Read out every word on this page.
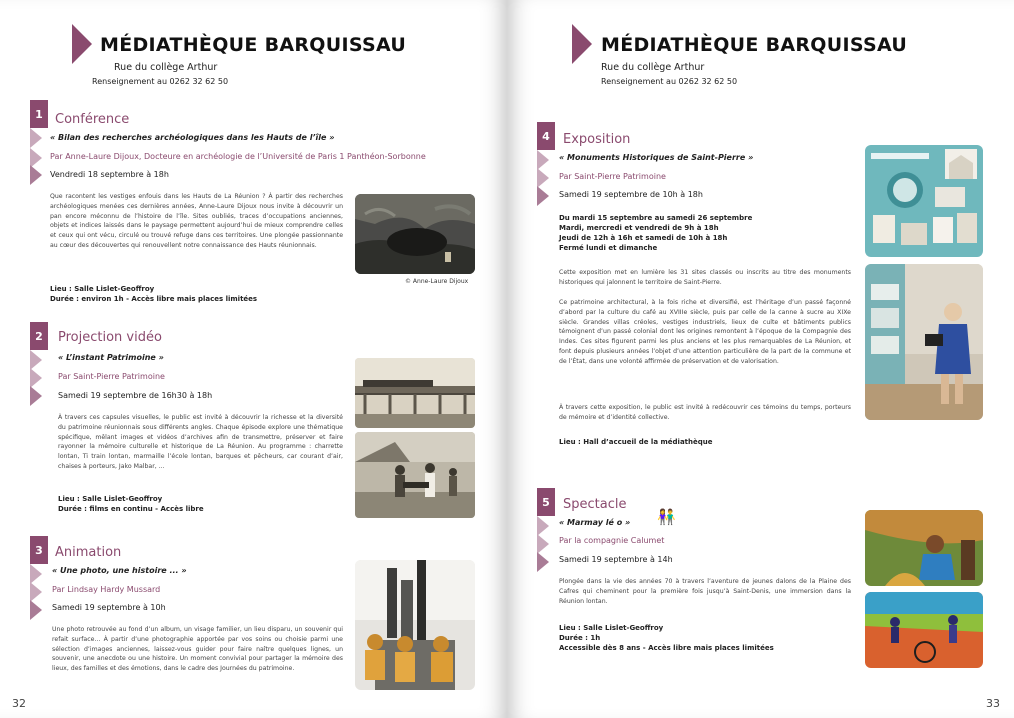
MÉDIATHÈQUE BARQUISSAU
Rue du collège Arthur
Renseignement au 0262 32 62 50
1 Conférence
« Bilan des recherches archéologiques dans les Hauts de l’île »
Par Anne-Laure Dijoux, Docteure en archéologie de l’Université de Paris 1 Panthéon-Sorbonne
Vendredi 18 septembre à 18h
Que racontent les vestiges enfouis dans les Hauts de La Réunion ? À partir des recherches archéologiques menées ces dernières années, Anne-Laure Dijoux nous invite à découvrir un pan encore méconnu de l’histoire de l’île. Sites oubliés, traces d’occupations anciennes, objets et indices laissés dans le paysage permettent aujourd’hui de mieux comprendre celles et ceux qui ont vécu, circulé ou trouvé refuge dans ces territoires. Une plongée passionnante au cœur des découvertes qui renouvellent notre connaissance des Hauts réunionnais.
© Anne-Laure Dijoux
Lieu : Salle Lislet-Geoffroy
Durée : environ 1h - Accès libre mais places limitées
2	Projection vidéo
« L’instant Patrimoine »
Par Saint-Pierre Patrimoine
Samedi 19 septembre de 16h30 à 18h
À travers ces capsules visuelles, le public est invité à découvrir la richesse et la diversité du patrimoine réunionnais sous différents angles. Chaque épisode explore une thématique spécifique, mêlant images et vidéos d’archives afin de transmettre, préserver et faire rayonner la mémoire culturelle et historique de La Réunion. Au programme : charrette lontan, Ti train lontan, marmaille l’école lontan, barques et pêcheurs, car courant d’air, chaises à porteurs, Jako Malbar, ...
Lieu : Salle Lislet-Geoffroy
Durée : films en continu - Accès libre
3 Animation
« Une photo, une histoire ... »
Par Lindsay Hardy Mussard
Samedi 19 septembre à 10h
Une photo retrouvée au fond d’un album, un visage familier, un lieu disparu, un souvenir qui refait surface... À partir d’une photographie apportée par vos soins ou choisie parmi une sélection d’images anciennes, laissez-vous guider pour faire naître quelques lignes, un souvenir, une anecdote ou une histoire. Un moment convivial pour partager la mémoire des lieux, des familles et des émotions, dans le cadre des Journées du patrimoine.
32
MÉDIATHÈQUE BARQUISSAU
Rue du collège Arthur
Renseignement au 0262 32 62 50
4	Exposition
« Monuments Historiques de Saint-Pierre »
Par Saint-Pierre Patrimoine
Samedi 19 septembre de 10h à 18h
Du mardi 15 septembre au samedi 26 septembre
Mardi, mercredi et vendredi de 9h à 18h
Jeudi de 12h à 16h et samedi de 10h à 18h
Fermé lundi et dimanche
Cette exposition met en lumière les 31 sites classés ou inscrits au titre des monuments historiques qui jalonnent le territoire de Saint-Pierre.
Ce patrimoine architectural, à la fois riche et diversifié, est l’héritage d’un passé façonné d’abord par la culture du café au XVIIIe siècle, puis par celle de la canne à sucre au XIXe siècle. Grandes villas créoles, vestiges industriels, lieux de culte et bâtiments publics témoignent d’un passé colonial dont les origines remontent à l’époque de la Compagnie des Indes. Ces sites figurent parmi les plus anciens et les plus remarquables de La Réunion, et font depuis plusieurs années l’objet d’une attention particulière de la part de la commune et de l’État, dans une volonté affirmée de préservation et de valorisation.
À travers cette exposition, le public est invité à redécouvrir ces témoins du temps, porteurs de mémoire et d’identité collective.
Lieu : Hall d’accueil de la médiathèque
5	Spectacle
« Marmay lé o » 👫
Par la compagnie Calumet
Samedi 19 septembre à 14h
Plongée dans la vie des années 70 à travers l’aventure de jeunes dalons de la Plaine des Cafres qui cheminent pour la première fois jusqu’à Saint-Denis, une immersion dans la Réunion lontan.
Lieu : Salle Lislet-Geoffroy
Durée : 1h
Accessible dès 8 ans - Accès libre mais places limitées
33
